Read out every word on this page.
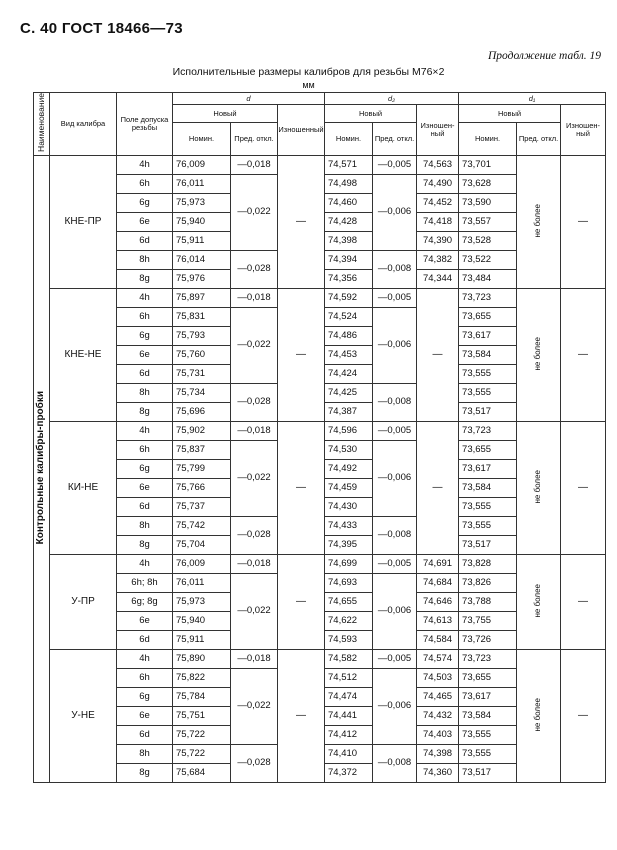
С. 40 ГОСТ 18466—73
Продолжение табл. 19
Исполнительные размеры калибров для резьбы М76×2
мм
Наименование	Вид калибра	Поле допуска резьбы	d			d₂			d₁		
			Новый		Изношенный	Новый		Изношенный	Новый		Изношенный
			Номин.	Пред. откл.		Номин.	Пред. откл.		Номин.	Пред. откл.	
Контрольные калибры-пробки	КНЕ-ПР	4h	76,009	—0,018	—	74,571	—0,005	74,563	73,701	не более	—
		6h	76,011	—0,022		74,498	—0,006	74,490	73,628		
		6g	75,973			74,460		74,452	73,590		
		6e	75,940			74,428		74,418	73,557		
		6d	75,911			74,398		74,390	73,528		
		8h	76,014	—0,028		74,394	—0,008	74,382	73,522		
		8g	75,976			74,356		74,344	73,484		
	КНЕ-НЕ	4h	75,897	—0,018	—	74,592	—0,005	—	73,723	не более	—
		6h	75,831	—0,022		74,524	—0,006		73,655		
		6g	75,793			74,486			73,617		
		6e	75,760			74,453			73,584		
		6d	75,731			74,424			73,555		
		8h	75,734	—0,028		74,425	—0,008		73,555		
		8g	75,696			74,387			73,517		
	КИ-НЕ	4h	75,902	—0,018	—	74,596	—0,005	—	73,723	не более	—
		6h	75,837	—0,022		74,530	—0,006		73,655		
		6g	75,799			74,492			73,617		
		6e	75,766			74,459			73,584		
		6d	75,737			74,430			73,555		
		8h	75,742	—0,028		74,433	—0,008		73,555		
		8g	75,704			74,395			73,517		
	У-ПР	4h	76,009	—0,018	—	74,699	—0,005	74,691	73,828	не более	—
		6h; 8h	76,011	—0,022		74,693	—0,006	74,684	73,826		
		6g; 8g	75,973			74,655		74,646	73,788		
		6e	75,940			74,622		74,613	73,755		
		6d	75,911			74,593		74,584	73,726		
	У-НЕ	4h	75,890	—0,018	—	74,582	—0,005	74,574	73,723	не более	—
		6h	75,822	—0,022		74,512	—0,006	74,503	73,655		
		6g	75,784			74,474		74,465	73,617		
		6e	75,751			74,441		74,432	73,584		
		6d	75,722			74,412		74,403	73,555		
		8h	75,722	—0,028		74,410	—0,008	74,398	73,555		
		8g	75,684			74,372		74,360	73,517		
